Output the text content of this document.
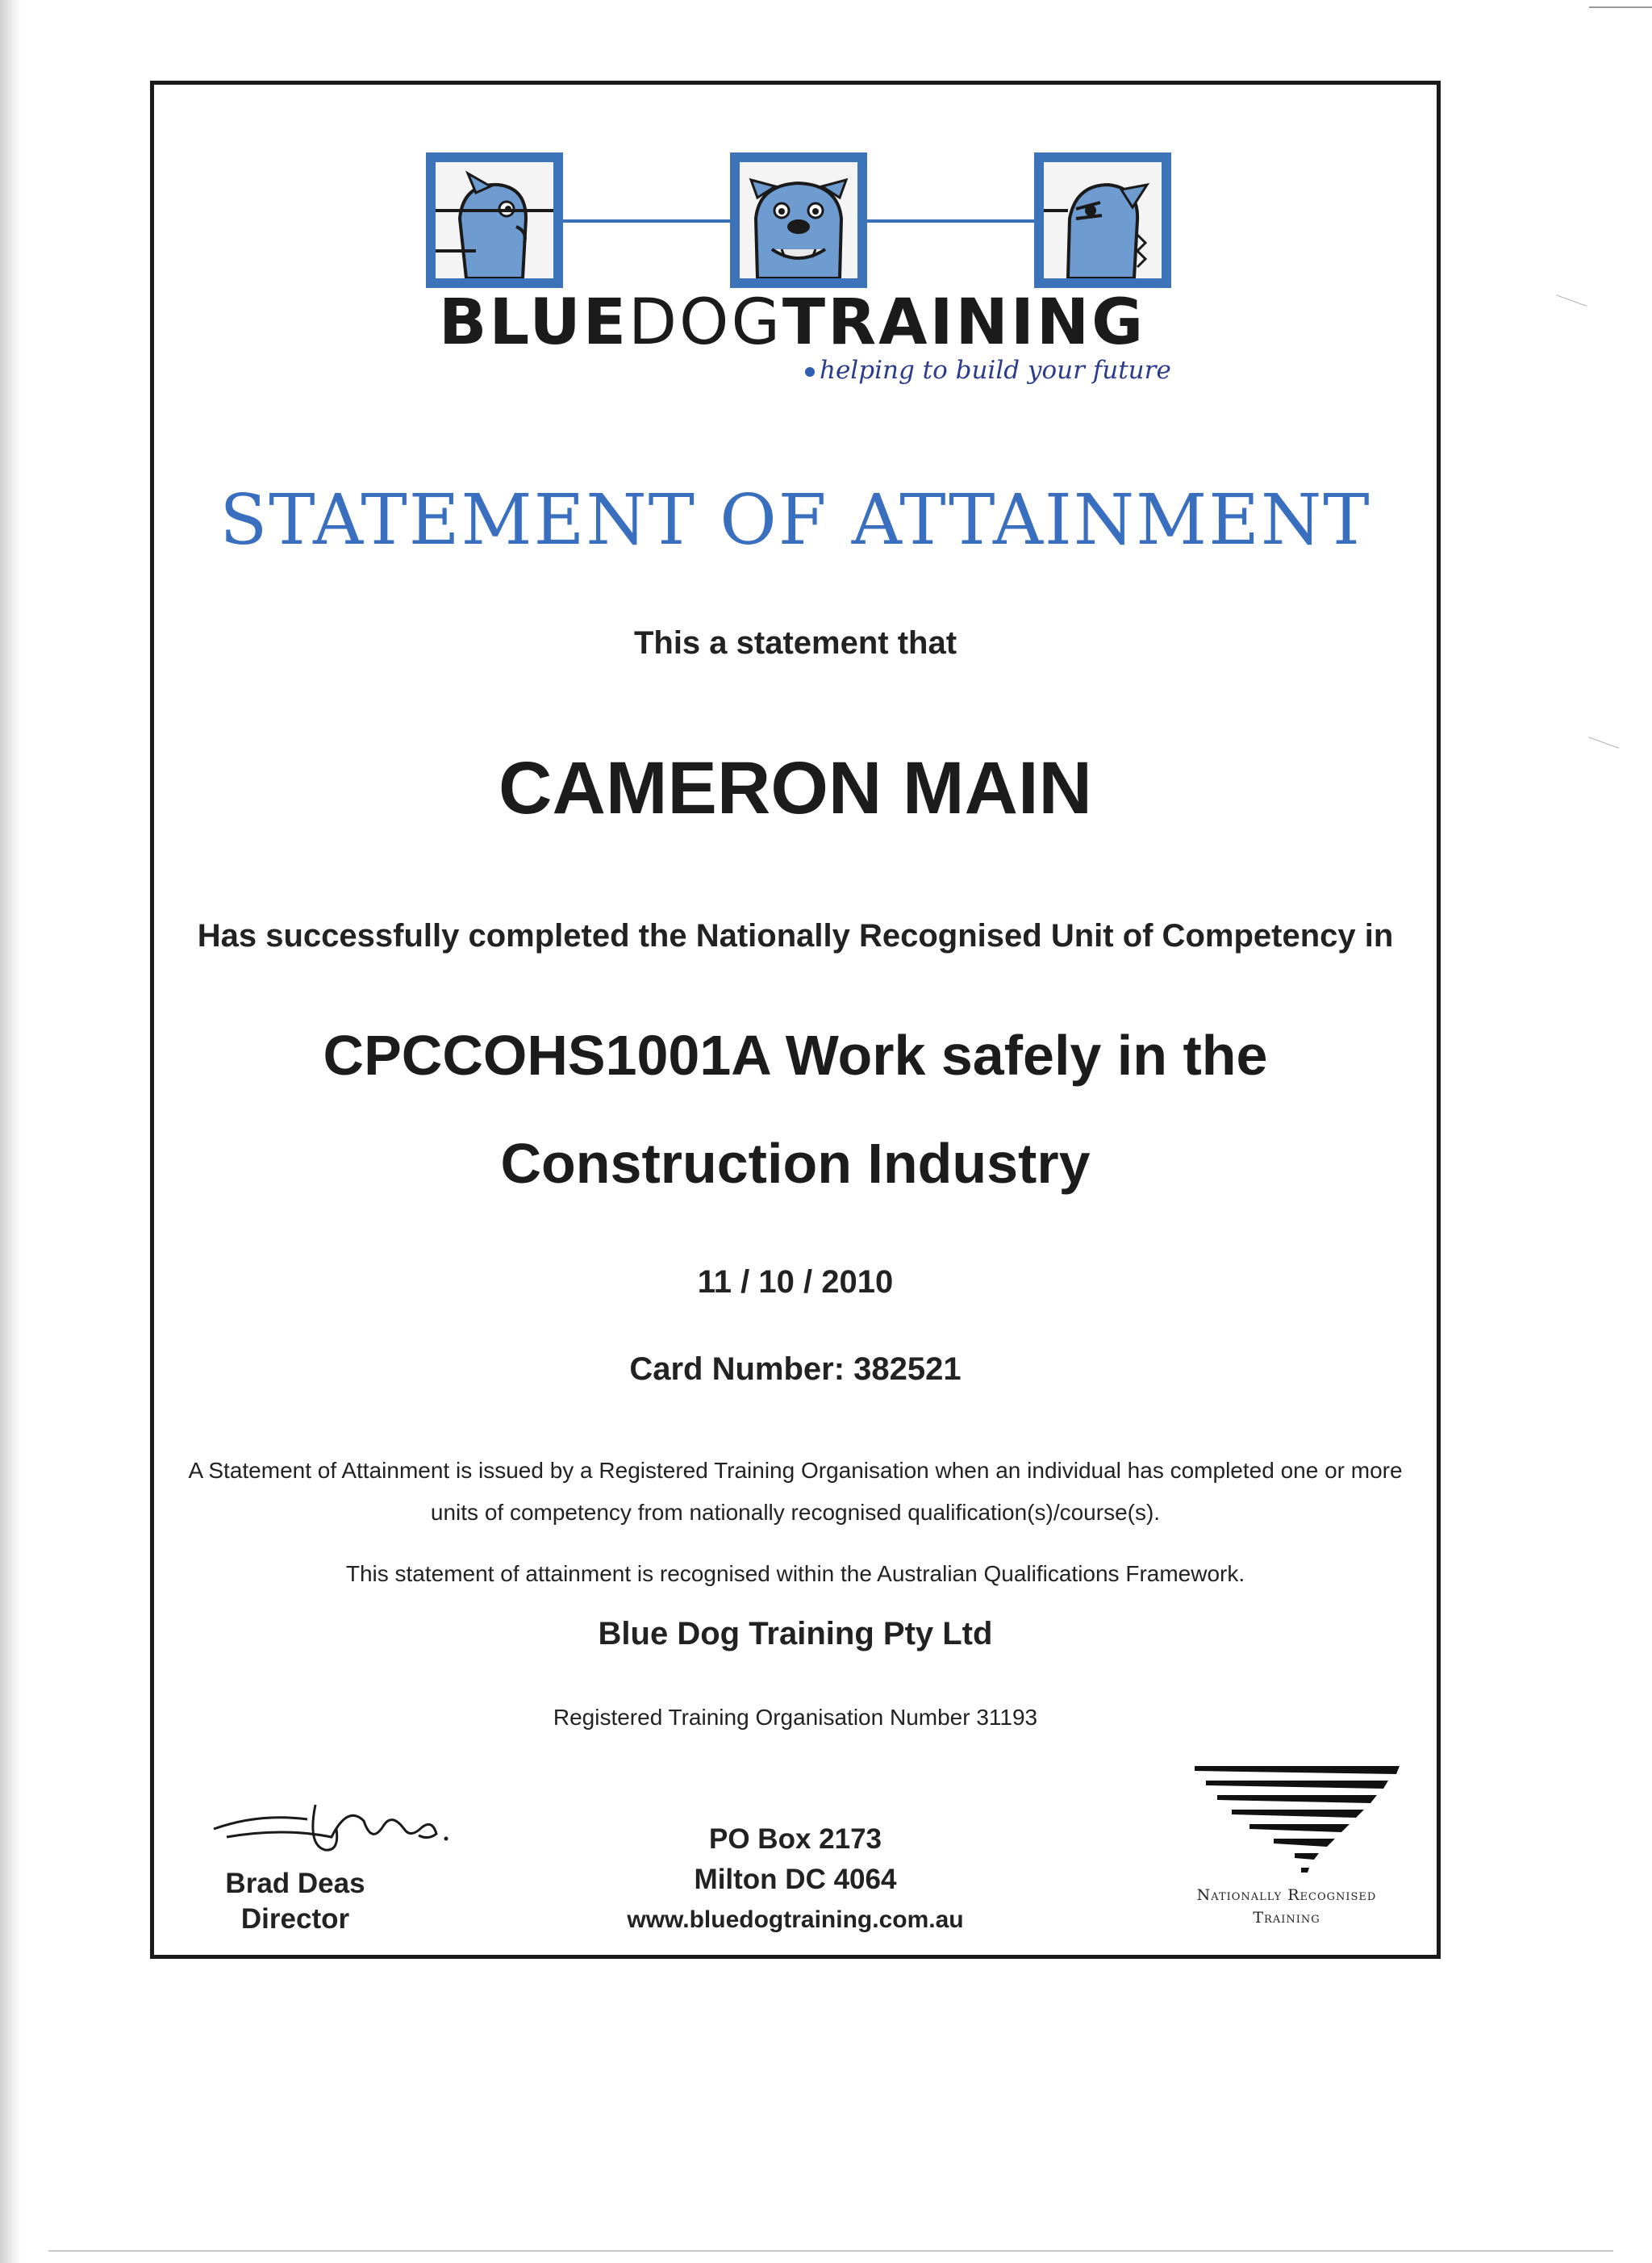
BLUEDOGTRAINING
helping to build your future
STATEMENT OF ATTAINMENT
This a statement that
CAMERON MAIN
Has successfully completed the Nationally Recognised Unit of Competency in
CPCCOHS1001A Work safely in the
Construction Industry
11 / 10 / 2010
Card Number: 382521
A Statement of Attainment is issued by a Registered Training Organisation when an individual has completed one or more units of competency from nationally recognised qualification(s)/course(s).
This statement of attainment is recognised within the Australian Qualifications Framework.
Blue Dog Training Pty Ltd
Registered Training Organisation Number 31193
Brad Deas
Director
PO Box 2173
Milton DC 4064
www.bluedogtraining.com.au
Nationally Recognised
Training
